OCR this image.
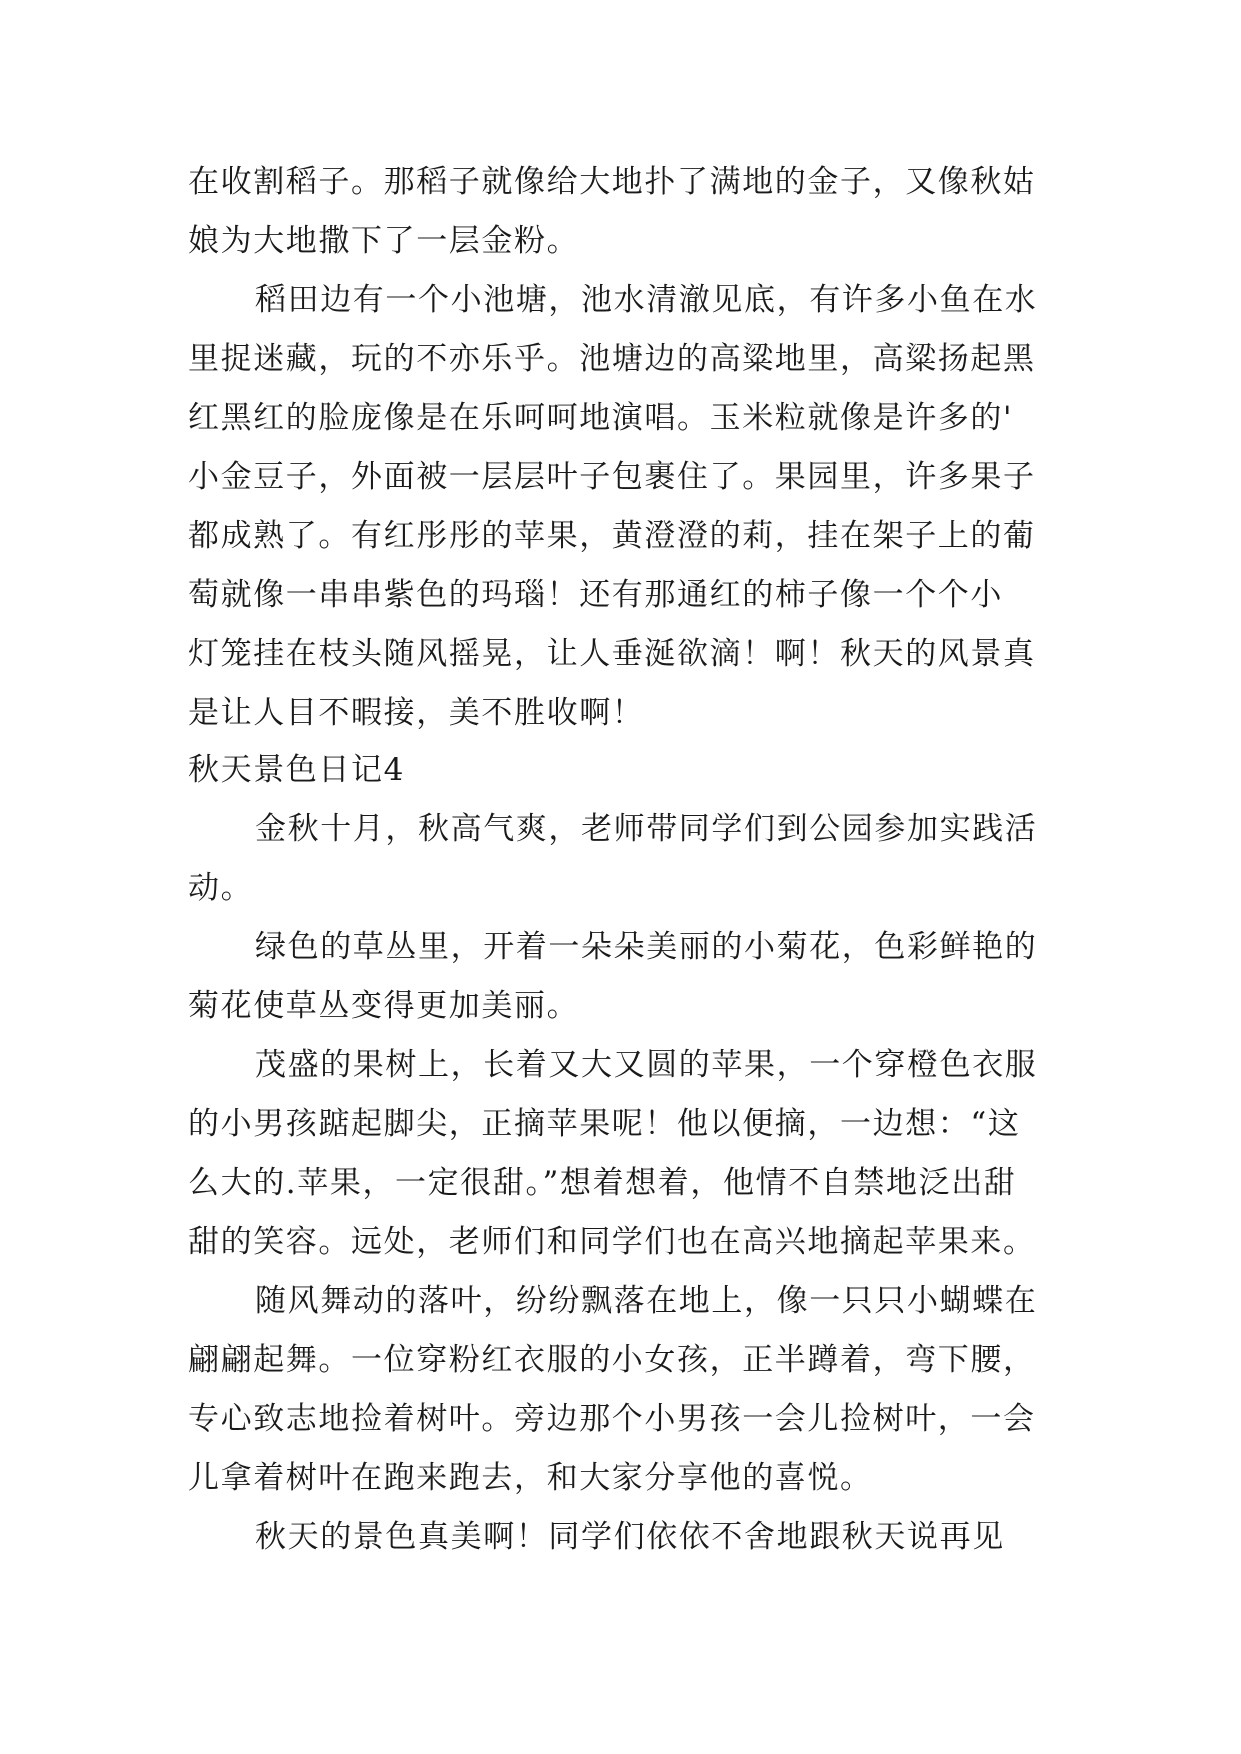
在收割稻子。那稻子就像给大地扑了满地的金子，又像秋姑
娘为大地撒下了一层金粉。
稻田边有一个小池塘，池水清澈见底，有许多小鱼在水
里捉迷藏，玩的不亦乐乎。池塘边的高粱地里，高粱扬起黑
红黑红的脸庞像是在乐呵呵地演唱。玉米粒就像是许多的'
小金豆子，外面被一层层叶子包裹住了。果园里，许多果子
都成熟了。有红彤彤的苹果，黄澄澄的莉，挂在架子上的葡
萄就像一串串紫色的玛瑙！还有那通红的柿子像一个个小
灯笼挂在枝头随风摇晃，让人垂涎欲滴！啊！秋天的风景真
是让人目不暇接，美不胜收啊！
秋天景色日记4
金秋十月，秋高气爽，老师带同学们到公园参加实践活
动。
绿色的草丛里，开着一朵朵美丽的小菊花，色彩鲜艳的
菊花使草丛变得更加美丽。
茂盛的果树上，长着又大又圆的苹果，一个穿橙色衣服
的小男孩踮起脚尖，正摘苹果呢！他以便摘，一边想：“这
么大的.苹果，一定很甜。”想着想着，他情不自禁地泛出甜
甜的笑容。远处，老师们和同学们也在高兴地摘起苹果来。
随风舞动的落叶，纷纷飘落在地上，像一只只小蝴蝶在
翩翩起舞。一位穿粉红衣服的小女孩，正半蹲着，弯下腰，
专心致志地捡着树叶。旁边那个小男孩一会儿捡树叶，一会
儿拿着树叶在跑来跑去，和大家分享他的喜悦。
秋天的景色真美啊！同学们依依不舍地跟秋天说再见
